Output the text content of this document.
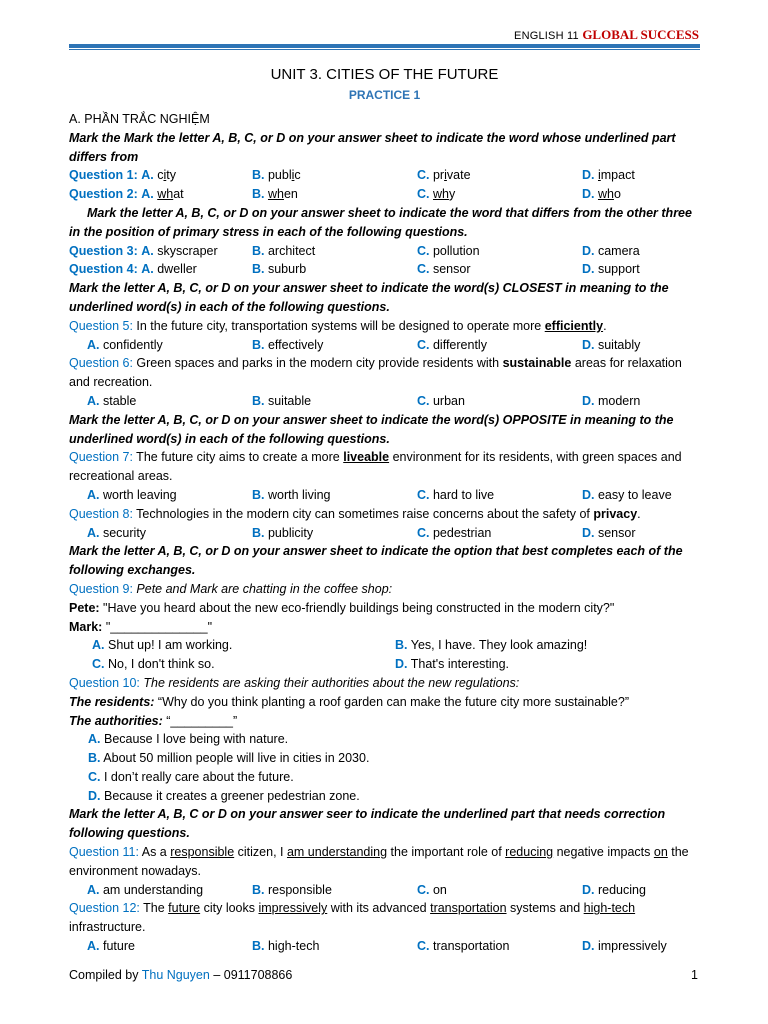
ENGLISH 11 GLOBAL SUCCESS
UNIT 3. CITIES OF THE FUTURE
PRACTICE 1
A. PHẦN TRẮC NGHIỆM
Mark the Mark the letter A, B, C, or D on your answer sheet to indicate the word whose underlined part differs from
Question 1: A. city	B. public	C. private	D. impact
Question 2: A. what	B. when	C. why	D. who
Mark the letter A, B, C, or D on your answer sheet to indicate the word that differs from the other three in the position of primary stress in each of the following questions.
Question 3: A. skyscraper	B. architect	C. pollution	D. camera
Question 4: A. dweller	B. suburb	C. sensor	D. support
Mark the letter A, B, C, or D on your answer sheet to indicate the word(s) CLOSEST in meaning to the underlined word(s) in each of the following questions.
Question 5: In the future city, transportation systems will be designed to operate more efficiently.
A. confidently	B. effectively	C. differently	D. suitably
Question 6: Green spaces and parks in the modern city provide residents with sustainable areas for relaxation and recreation.
A. stable	B. suitable	C. urban	D. modern
Mark the letter A, B, C, or D on your answer sheet to indicate the word(s) OPPOSITE in meaning to the underlined word(s) in each of the following questions.
Question 7: The future city aims to create a more liveable environment for its residents, with green spaces and recreational areas.
A. worth leaving	B. worth living	C. hard to live	D. easy to leave
Question 8: Technologies in the modern city can sometimes raise concerns about the safety of privacy.
A. security	B. publicity	C. pedestrian	D. sensor
Mark the letter A, B, C, or D on your answer sheet to indicate the option that best completes each of the following exchanges.
Question 9: Pete and Mark are chatting in the coffee shop:
Pete: "Have you heard about the new eco-friendly buildings being constructed in the modern city?"
Mark: "______________"
A. Shut up! I am working.	B. Yes, I have. They look amazing!
C. No, I don't think so.	D. That's interesting.
Question 10: The residents are asking their authorities about the new regulations:
The residents: “Why do you think planting a roof garden can make the future city more sustainable?”
The authorities: “_________”
A. Because I love being with nature.
B. About 50 million people will live in cities in 2030.
C. I don’t really care about the future.
D. Because it creates a greener pedestrian zone.
Mark the letter A, B, C or D on your answer seer to indicate the underlined part that needs correction following questions.
Question 11: As a responsible citizen, I am understanding the important role of reducing negative impacts on the environment nowadays.
A. am understanding	B. responsible	C. on	D. reducing
Question 12: The future city looks impressively with its advanced transportation systems and high-tech infrastructure.
A. future	B. high-tech	C. transportation	D. impressively
Compiled by Thu Nguyen – 0911708866	1
